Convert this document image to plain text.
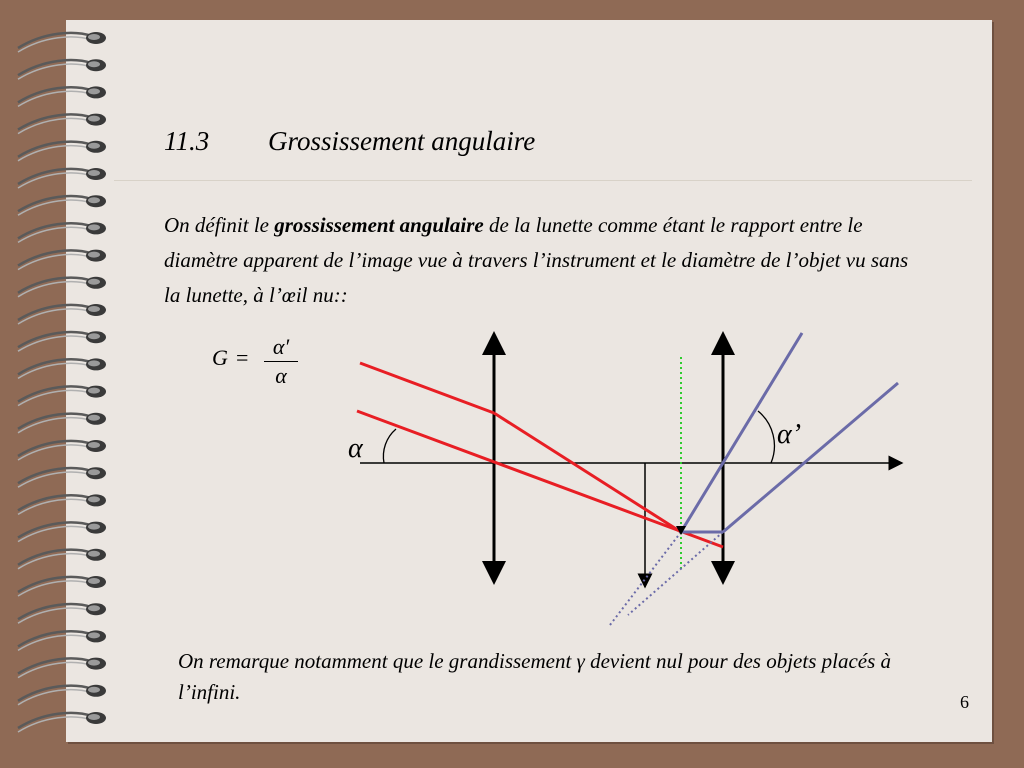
11.3 Grossissement angulaire
On définit le grossissement angulaire de la lunette comme étant le rapport entre le diamètre apparent de l’image vue à travers l’instrument et le diamètre de l’objet vu sans la lunette, à l’œil nu::
G =	α′
α
α	α’
On remarque notamment que le grandissement γ devient nul pour des objets placés à l’infini.	6
